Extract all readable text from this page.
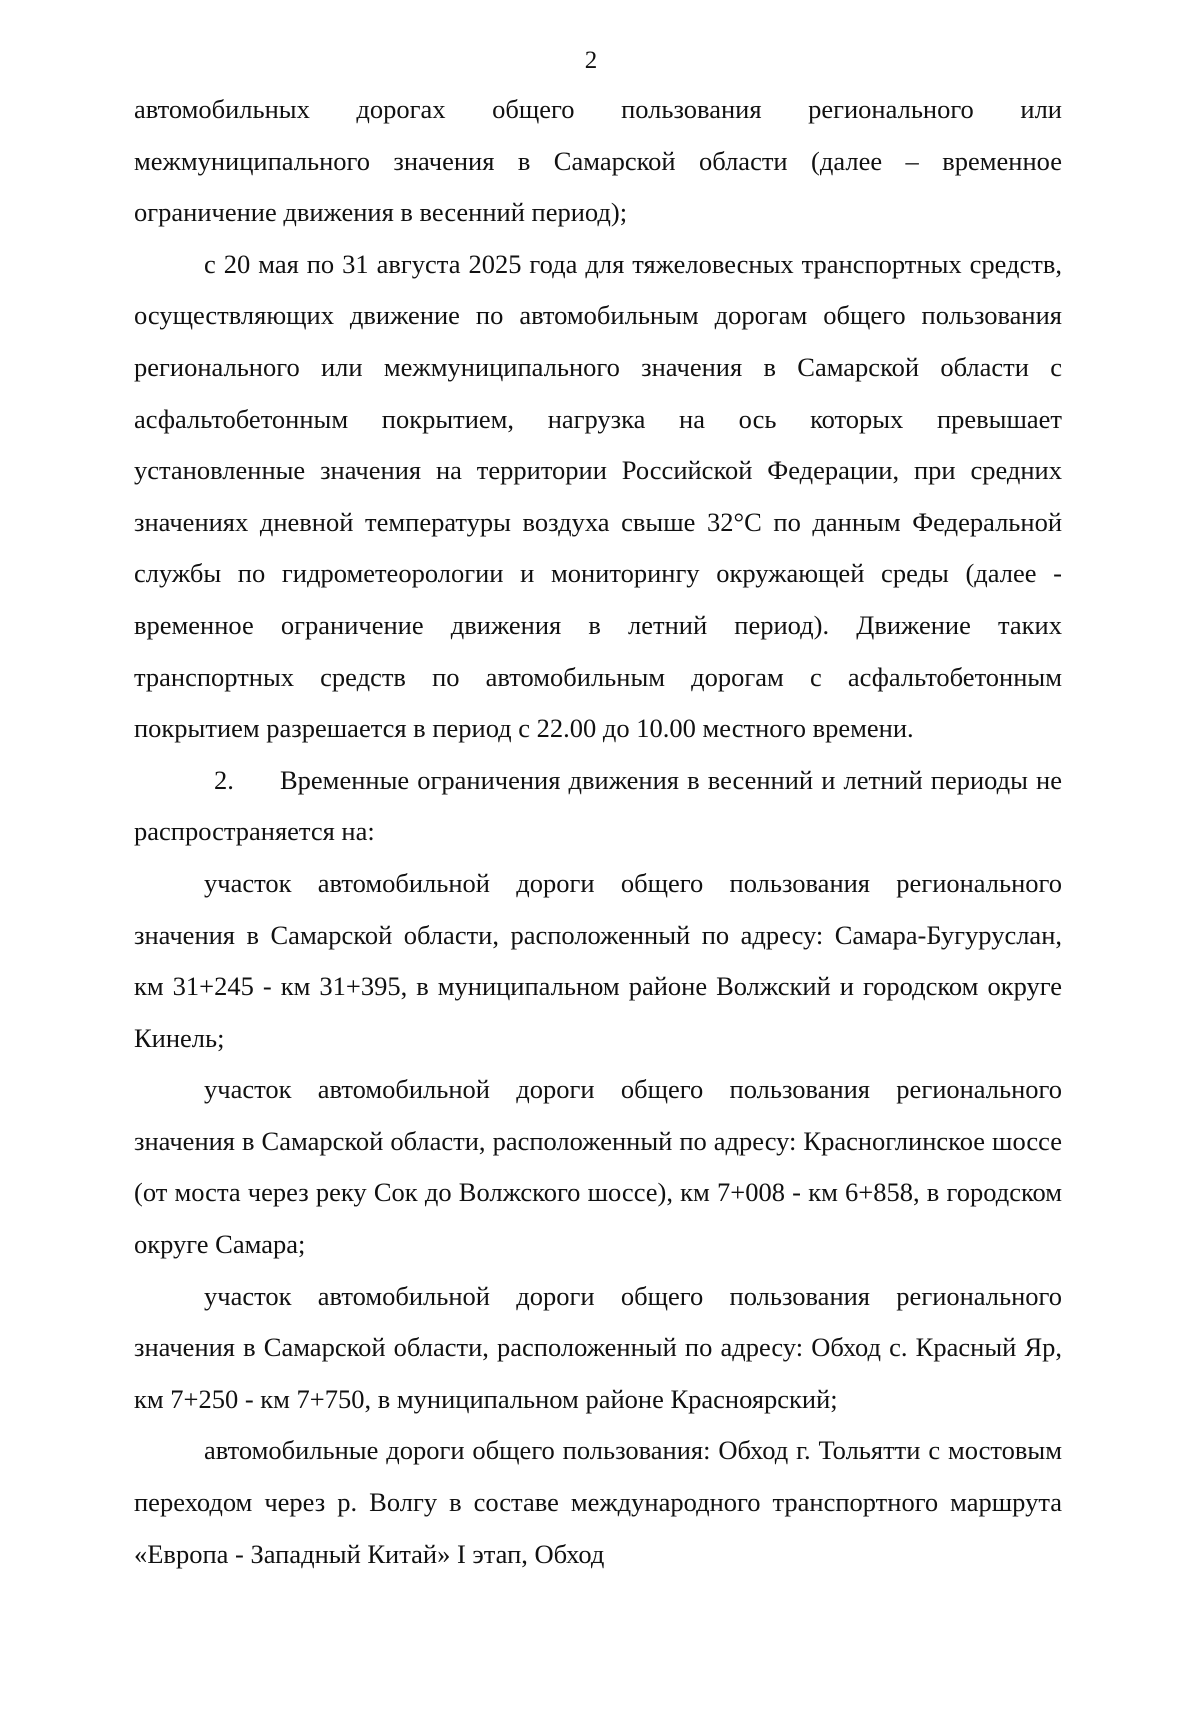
2

автомобильных дорогах общего пользования регионального или межмуниципального значения в Самарской области (далее – временное ограничение движения в весенний период);

с 20 мая по 31 августа 2025 года для тяжеловесных транспортных средств, осуществляющих движение по автомобильным дорогам общего пользования регионального или межмуниципального значения в Самарской области с асфальтобетонным покрытием, нагрузка на ось которых превышает установленные значения на территории Российской Федерации, при средних значениях дневной температуры воздуха свыше 32°С по данным Федеральной службы по гидрометеорологии и мониторингу окружающей среды (далее - временное ограничение движения в летний период). Движение таких транспортных средств по автомобильным дорогам с асфальтобетонным покрытием разрешается в период с 22.00 до 10.00 местного времени.

2. Временные ограничения движения в весенний и летний периоды не распространяется на:

участок автомобильной дороги общего пользования регионального значения в Самарской области, расположенный по адресу: Самара-Бугуруслан, км 31+245 - км 31+395, в муниципальном районе Волжский и городском округе Кинель;

участок автомобильной дороги общего пользования регионального значения в Самарской области, расположенный по адресу: Красноглинское шоссе (от моста через реку Сок до Волжского шоссе), км 7+008 - км 6+858, в городском округе Самара;

участок автомобильной дороги общего пользования регионального значения в Самарской области, расположенный по адресу: Обход с. Красный Яр, км 7+250 - км 7+750, в муниципальном районе Красноярский;

автомобильные дороги общего пользования: Обход г. Тольятти с мостовым переходом через р. Волгу в составе международного транспортного маршрута «Европа - Западный Китай» I этап, Обход
